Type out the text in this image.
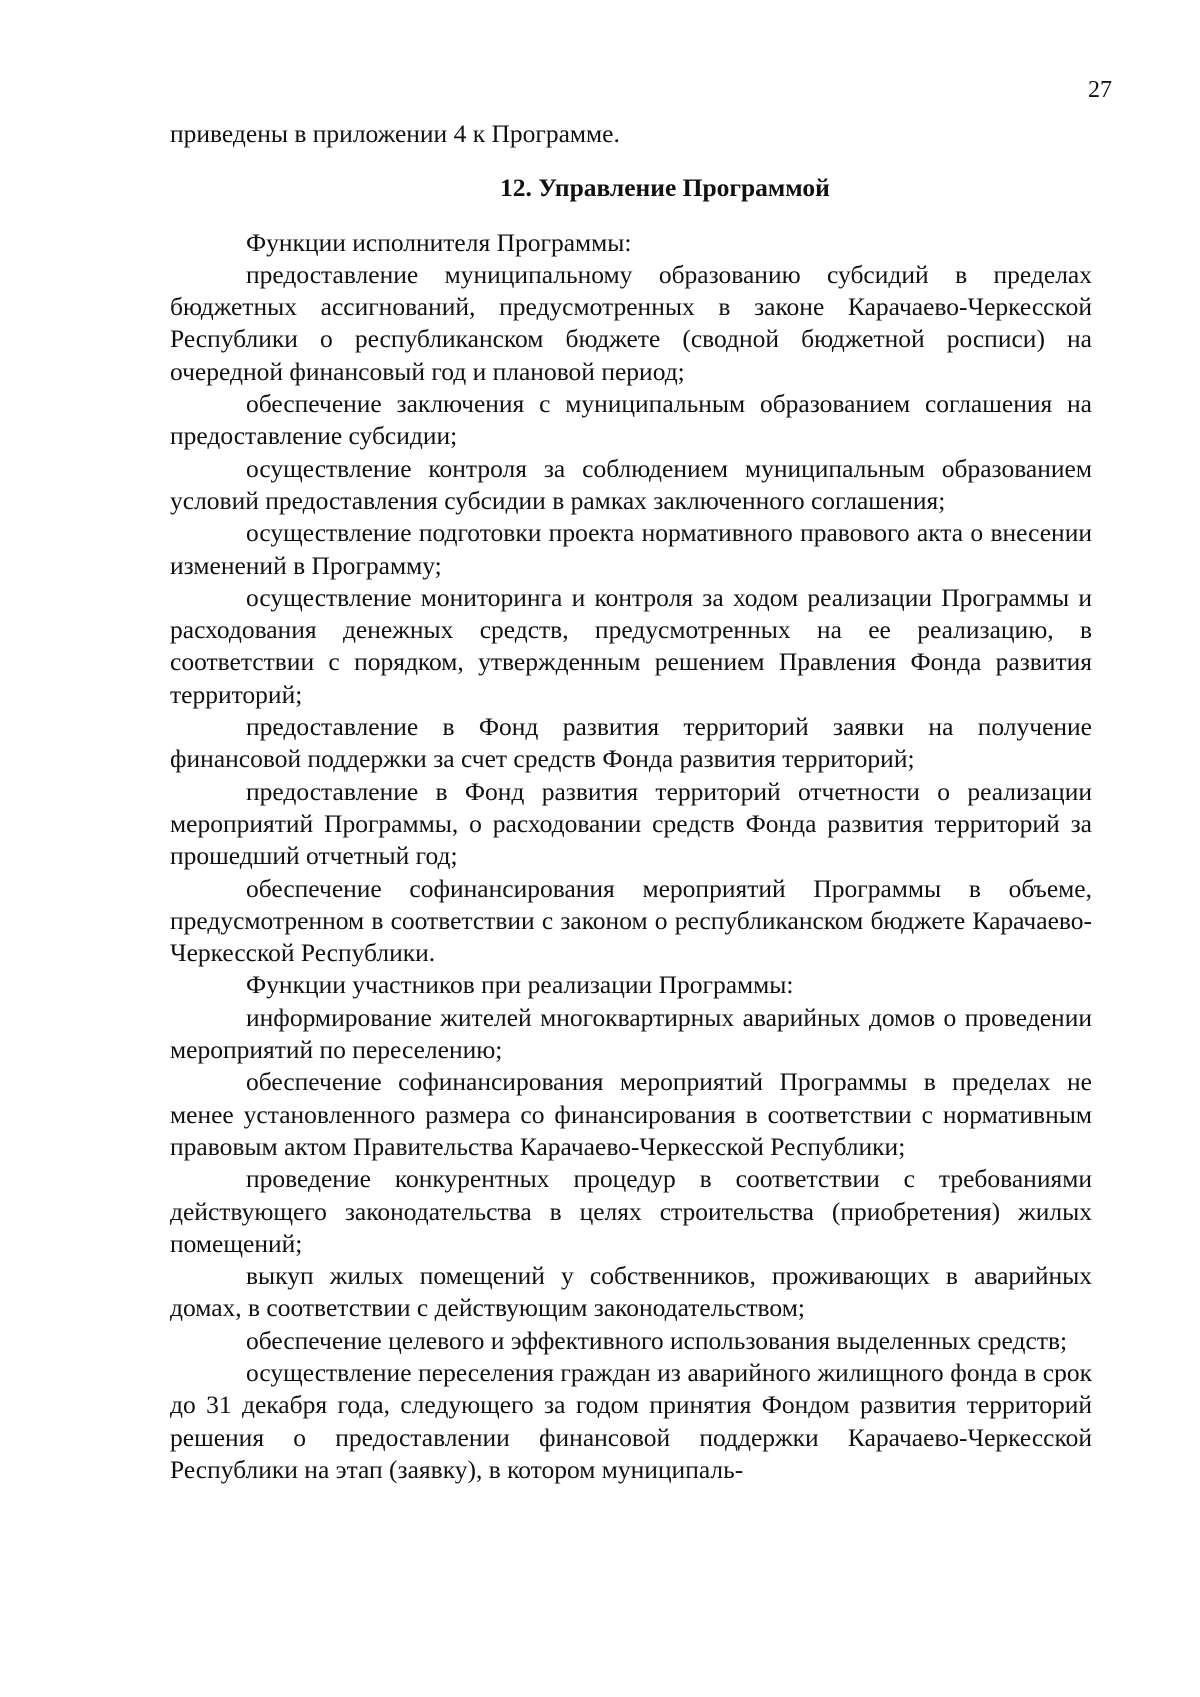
27

приведены в приложении 4 к Программе.

12. Управление Программой

Функции исполнителя Программы:

предоставление муниципальному образованию субсидий в пределах бюджетных ассигнований, предусмотренных в законе Карачаево-Черкесской Республики о республиканском бюджете (сводной бюджетной росписи) на очередной финансовый год и плановой период;

обеспечение заключения с муниципальным образованием соглашения на предоставление субсидии;

осуществление контроля за соблюдением муниципальным образованием условий предоставления субсидии в рамках заключенного соглашения;

осуществление подготовки проекта нормативного правового акта о внесении изменений в Программу;

осуществление мониторинга и контроля за ходом реализации Программы и расходования денежных средств, предусмотренных на ее реализацию, в соответствии с порядком, утвержденным решением Правления Фонда развития территорий;

предоставление в Фонд развития территорий заявки на получение финансовой поддержки за счет средств Фонда развития территорий;

предоставление в Фонд развития территорий отчетности о реализации мероприятий Программы, о расходовании средств Фонда развития территорий за прошедший отчетный год;

обеспечение софинансирования мероприятий Программы в объеме, предусмотренном в соответствии с законом о республиканском бюджете Карачаево-Черкесской Республики.

Функции участников при реализации Программы:

информирование жителей многоквартирных аварийных домов о проведении мероприятий по переселению;

обеспечение софинансирования мероприятий Программы в пределах не менее установленного размера со финансирования в соответствии с нормативным правовым актом Правительства Карачаево-Черкесской Республики;

проведение конкурентных процедур в соответствии с требованиями действующего законодательства в целях строительства (приобретения) жилых помещений;

выкуп жилых помещений у собственников, проживающих в аварийных домах, в соответствии с действующим законодательством;

обеспечение целевого и эффективного использования выделенных средств;

осуществление переселения граждан из аварийного жилищного фонда в срок до 31 декабря года, следующего за годом принятия Фондом развития территорий решения о предоставлении финансовой поддержки Карачаево-Черкесской Республики на этап (заявку), в котором муниципаль-
